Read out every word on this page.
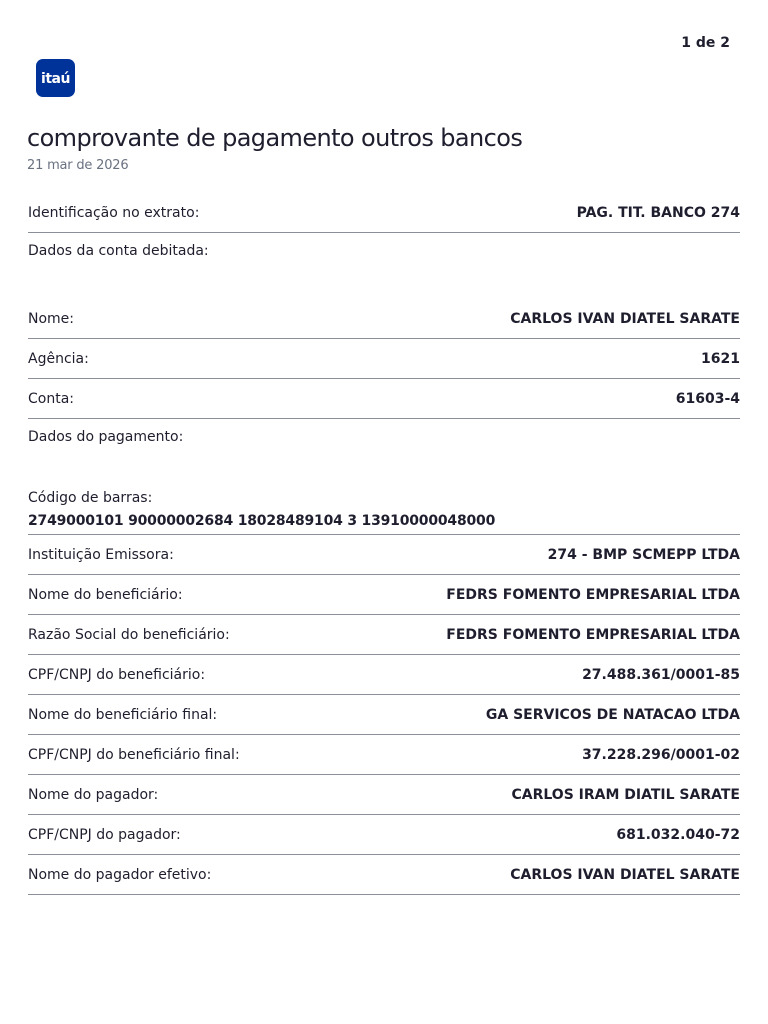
1 de 2
itaú
comprovante de pagamento outros bancos
21 mar de 2026
Identificação no extrato:	PAG. TIT. BANCO 274
Dados da conta debitada:
Nome:	CARLOS IVAN DIATEL SARATE
Agência:	1621
Conta:	61603-4
Dados do pagamento:
Código de barras:
2749000101 90000002684 18028489104 3 13910000048000
Instituição Emissora:	274 - BMP SCMEPP LTDA
Nome do beneficiário:	FEDRS FOMENTO EMPRESARIAL LTDA
Razão Social do beneficiário:	FEDRS FOMENTO EMPRESARIAL LTDA
CPF/CNPJ do beneficiário:	27.488.361/0001-85
Nome do beneficiário final:	GA SERVICOS DE NATACAO LTDA
CPF/CNPJ do beneficiário final:	37.228.296/0001-02
Nome do pagador:	CARLOS IRAM DIATIL SARATE
CPF/CNPJ do pagador:	681.032.040-72
Nome do pagador efetivo:	CARLOS IVAN DIATEL SARATE
